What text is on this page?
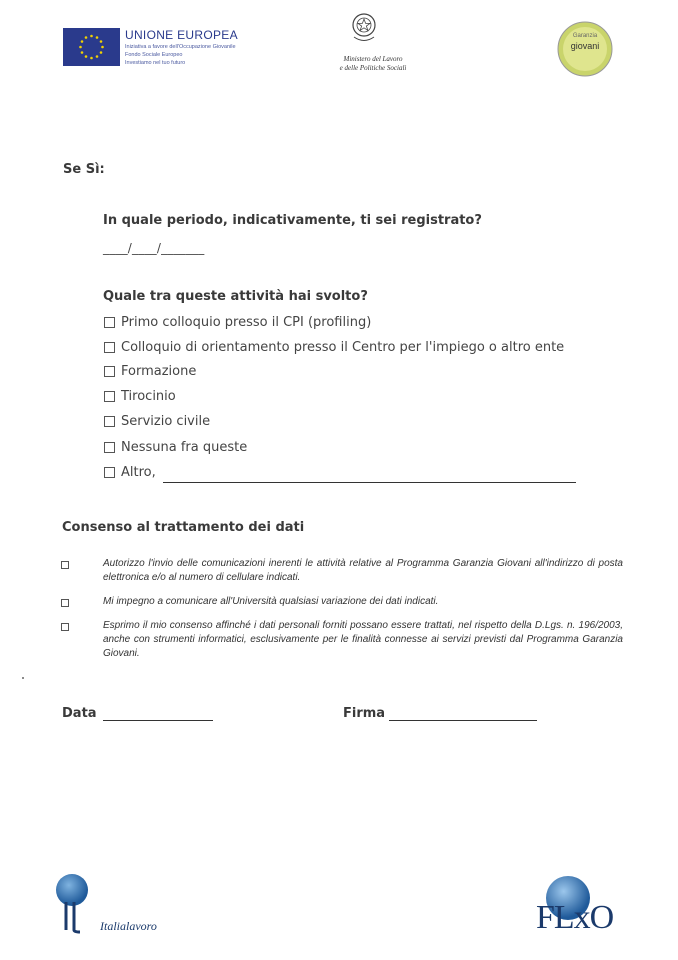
UNIONE EUROPEA
Iniziativa a favore dell'Occupazione Giovanile
Fondo Sociale Europeo
Investiamo nel tuo futuro	Ministero del Lavoro
e delle Politiche Sociali
Garanzia
giovani
Se Sì:
In quale periodo, indicativamente, ti sei registrato?
____/____/_______
Quale tra queste attività hai svolto?
Primo colloquio presso il CPI (profiling)
Colloquio di orientamento presso il Centro per l'impiego o altro ente
Formazione
Tirocinio
Servizio civile
Nessuna fra queste
Altro,
Consenso al trattamento dei dati
Autorizzo l'invio delle comunicazioni inerenti le attività relative al Programma Garanzia Giovani all'indirizzo di posta elettronica e/o al numero di cellulare indicati.
Mi impegno a comunicare all'Università qualsiasi variazione dei dati indicati.
Esprimo il mio consenso affinché i dati personali forniti possano essere trattati, nel rispetto della D.Lgs. n. 196/2003, anche con strumenti informatici, esclusivamente per le finalità connesse ai servizi previsti dal Programma Garanzia Giovani.
Data	Firma
Italialavoro	FLxO
